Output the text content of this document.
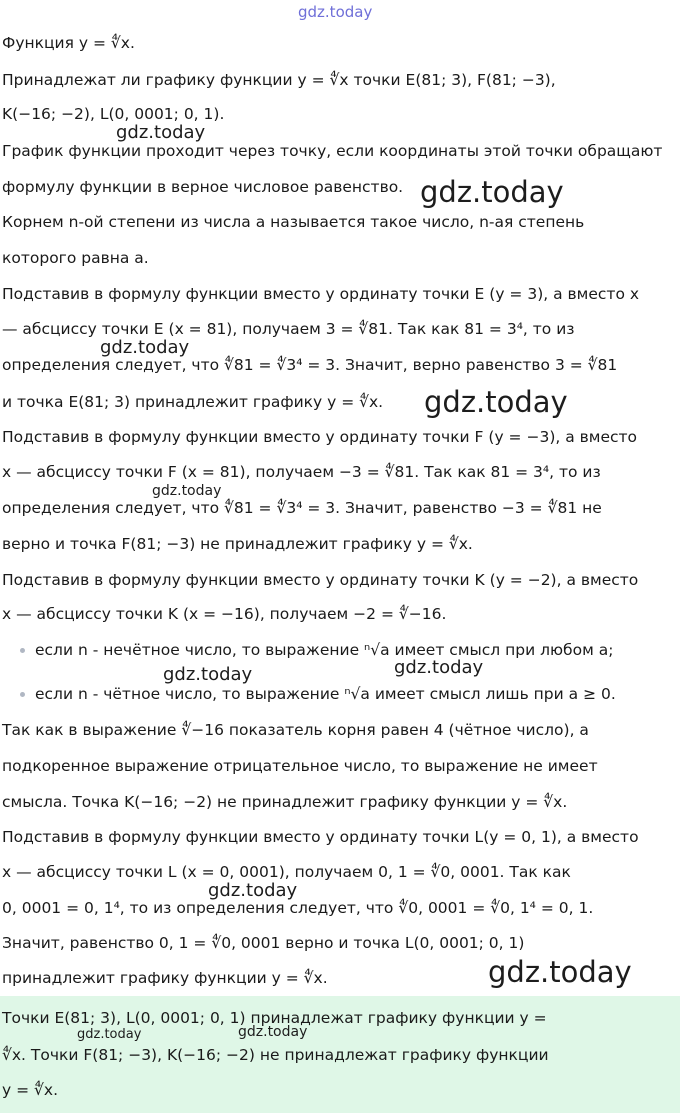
Функция y = ∜x.
Принадлежат ли графику функции y = ∜x точки E(81; 3), F(81; −3),
K(−16; −2), L(0, 0001; 0, 1).
График функции проходит через точку, если координаты этой точки обращают
формулу функции в верное числовое равенство.
Корнем n-ой степени из числа a называется такое число, n-ая степень
которого равна a.
Подставив в формулу функции вместо y ординату точки E (y = 3), а вместо x
— абсциссу точки E (x = 81), получаем 3 = ∜81. Так как 81 = 3⁴, то из
определения следует, что ∜81 = ∜3⁴ = 3. Значит, верно равенство 3 = ∜81
и точка E(81; 3) принадлежит графику y = ∜x.
Подставив в формулу функции вместо y ординату точки F (y = −3), а вместо
x — абсциссу точки F (x = 81), получаем −3 = ∜81. Так как 81 = 3⁴, то из
определения следует, что ∜81 = ∜3⁴ = 3. Значит, равенство −3 = ∜81 не
верно и точка F(81; −3) не принадлежит графику y = ∜x.
Подставив в формулу функции вместо y ординату точки K (y = −2), а вместо
x — абсциссу точки K (x = −16), получаем −2 = ∜−16.
если n - нечётное число, то выражение ⁿ√a имеет смысл при любом a;
если n - чётное число, то выражение ⁿ√a имеет смысл лишь при a ≥ 0.
Так как в выражение ∜−16 показатель корня равен 4 (чётное число), а
подкоренное выражение отрицательное число, то выражение не имеет
смысла. Точка K(−16; −2) не принадлежит графику функции y = ∜x.
Подставив в формулу функции вместо y ординату точки L(y = 0, 1), а вместо
x — абсциссу точки L (x = 0, 0001), получаем 0, 1 = ∜0, 0001. Так как
0, 0001 = 0, 1⁴, то из определения следует, что ∜0, 0001 = ∜0, 1⁴ = 0, 1.
Значит, равенство 0, 1 = ∜0, 0001 верно и точка L(0, 0001; 0, 1)
принадлежит графику функции y = ∜x.
Точки E(81; 3), L(0, 0001; 0, 1) принадлежат графику функции y =
∜x. Точки F(81; −3), K(−16; −2) не принадлежат графику функции
y = ∜x.
gdz.today
gdz.today
gdz.today
gdz.today
gdz.today
gdz.today
gdz.today	gdz.today
gdz.today
gdz.today
gdz.today	gdz.today
